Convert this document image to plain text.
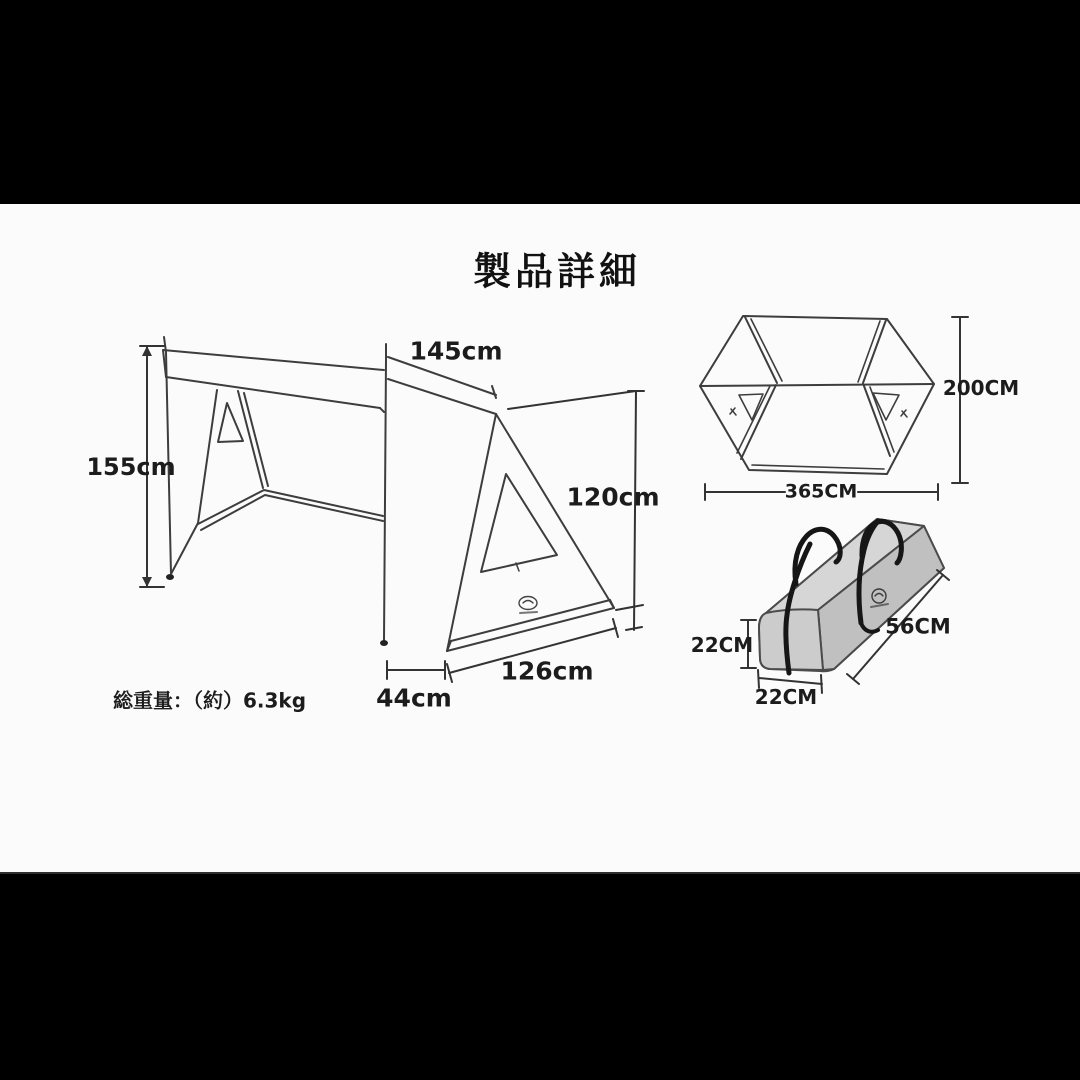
製品詳細
155cm
145cm
120cm
126cm
44cm
総重量：（約）6.3kg
200CM
365CM
22CM
56CM
22CM
